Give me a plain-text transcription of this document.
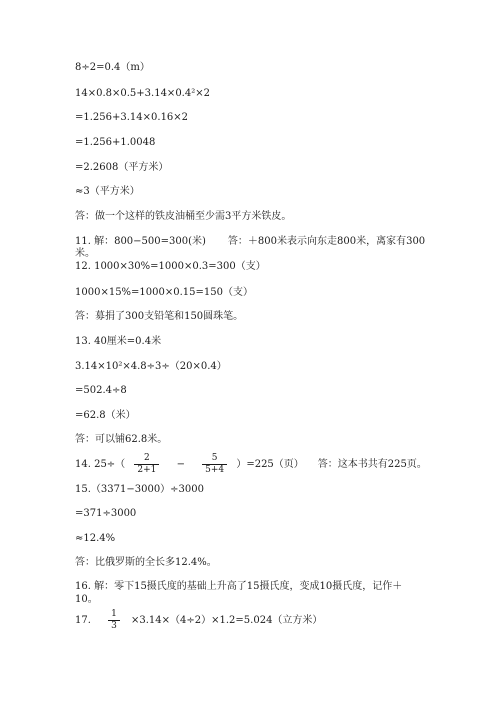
8÷2=0.4（m）
14×0.8×0.5+3.14×0.4²×2
=1.256+3.14×0.16×2
=1.256+1.0048
=2.2608（平方米）
≈3（平方米）
答：做一个这样的铁皮油桶至少需3平方米铁皮。
11. 解：800−500=300(米) 答：＋800米表示向东走800米，离家有300
米。
12. 1000×30%=1000×0.3=300（支）
1000×15%=1000×0.15=150（支）
答：募捐了300支铅笔和150圆珠笔。
13. 40厘米=0.4米
3.14×10²×4.8÷3÷（20×0.4）
=502.4÷8
=62.8（米）
答：可以铺62.8米。
14. $25\div( \frac{2}{2+1} - \frac{5}{5+4} )=225$（页） 答：这本书共有225页。
15.（3371−3000）÷3000
=371÷3000
≈12.4%
答：比俄罗斯的全长多12.4%。
16. 解：零下15摄氏度的基础上升高了15摄氏度，变成10摄氏度，记作＋
10。
17. $\frac{1}{3} \times 3.14\times(4\div 2)\times 1.2=5.024$（立方米）
